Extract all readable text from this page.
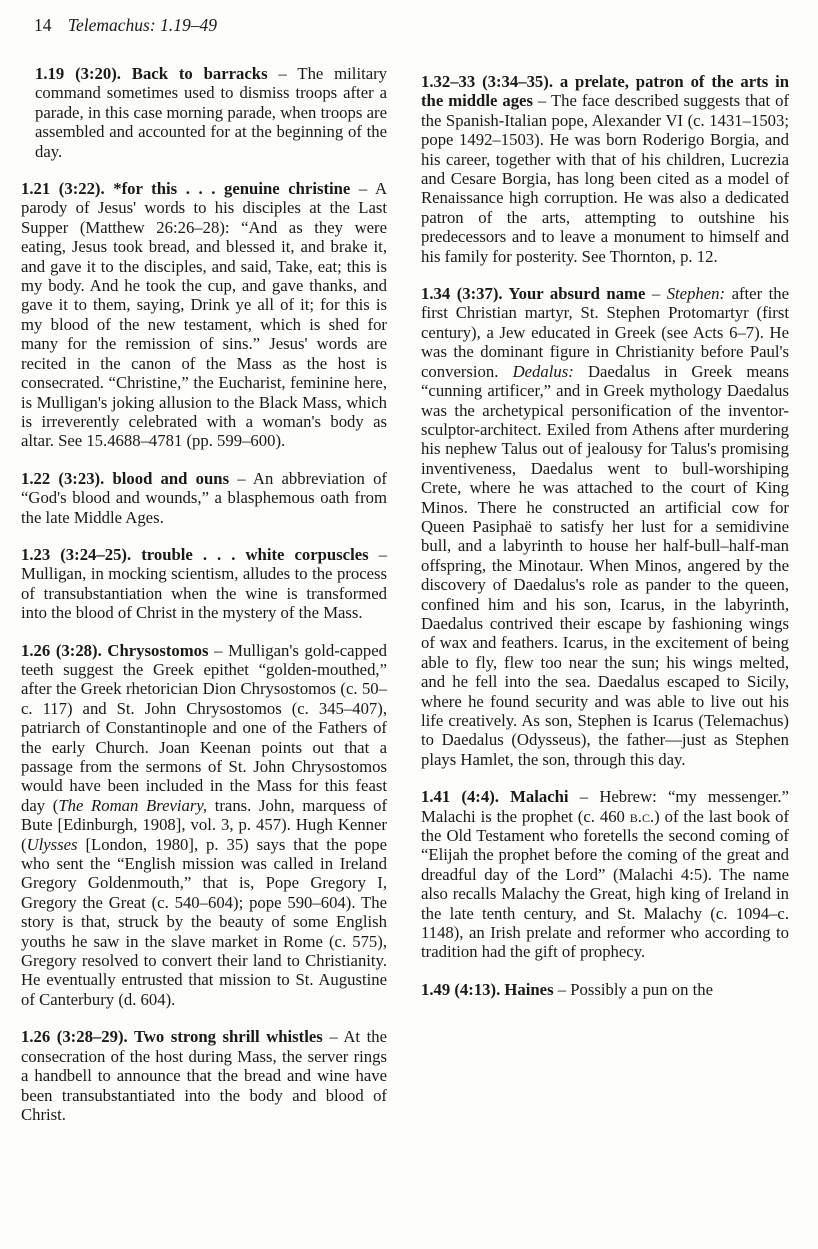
14 Telemachus: 1.19–49

1.19 (3:20). Back to barracks – The military command sometimes used to dismiss troops after a parade, in this case morning parade, when troops are assembled and accounted for at the beginning of the day.

1.21 (3:22). *for this . . . genuine christine – A parody of Jesus' words to his disciples at the Last Supper (Matthew 26:26–28): “And as they were eating, Jesus took bread, and blessed it, and brake it, and gave it to the disciples, and said, Take, eat; this is my body. And he took the cup, and gave thanks, and gave it to them, saying, Drink ye all of it; for this is my blood of the new testament, which is shed for many for the remission of sins.” Jesus' words are recited in the canon of the Mass as the host is consecrated. “Christine,” the Eucharist, feminine here, is Mulligan's joking allusion to the Black Mass, which is irreverently celebrated with a woman's body as altar. See 15.4688–4781 (pp. 599–600).

1.22 (3:23). blood and ouns – An abbreviation of “God's blood and wounds,” a blasphemous oath from the late Middle Ages.

1.23 (3:24–25). trouble . . . white corpuscles – Mulligan, in mocking scientism, alludes to the process of transubstantiation when the wine is transformed into the blood of Christ in the mystery of the Mass.

1.26 (3:28). Chrysostomos – Mulligan's gold-capped teeth suggest the Greek epithet “golden-mouthed,” after the Greek rhetorician Dion Chrysostomos (c. 50–c. 117) and St. John Chrysostomos (c. 345–407), patriarch of Constantinople and one of the Fathers of the early Church. Joan Keenan points out that a passage from the sermons of St. John Chrysostomos would have been included in the Mass for this feast day (The Roman Breviary, trans. John, marquess of Bute [Edinburgh, 1908], vol. 3, p. 457). Hugh Kenner (Ulysses [London, 1980], p. 35) says that the pope who sent the “English mission was called in Ireland Gregory Goldenmouth,” that is, Pope Gregory I, Gregory the Great (c. 540–604); pope 590–604). The story is that, struck by the beauty of some English youths he saw in the slave market in Rome (c. 575), Gregory resolved to convert their land to Christianity. He eventually entrusted that mission to St. Augustine of Canterbury (d. 604).

1.26 (3:28–29). Two strong shrill whistles – At the consecration of the host during Mass, the server rings a handbell to announce that the bread and wine have been transubstantiated into the body and blood of Christ.

1.32–33 (3:34–35). a prelate, patron of the arts in the middle ages – The face described suggests that of the Spanish-Italian pope, Alexander VI (c. 1431–1503; pope 1492–1503). He was born Roderigo Borgia, and his career, together with that of his children, Lucrezia and Cesare Borgia, has long been cited as a model of Renaissance high corruption. He was also a dedicated patron of the arts, attempting to outshine his predecessors and to leave a monument to himself and his family for posterity. See Thornton, p. 12.

1.34 (3:37). Your absurd name – Stephen: after the first Christian martyr, St. Stephen Protomartyr (first century), a Jew educated in Greek (see Acts 6–7). He was the dominant figure in Christianity before Paul's conversion. Dedalus: Daedalus in Greek means “cunning artificer,” and in Greek mythology Daedalus was the archetypical personification of the inventor-sculptor-architect. Exiled from Athens after murdering his nephew Talus out of jealousy for Talus's promising inventiveness, Daedalus went to bull-worshiping Crete, where he was attached to the court of King Minos. There he constructed an artificial cow for Queen Pasiphaë to satisfy her lust for a semidivine bull, and a labyrinth to house her half-bull–half-man offspring, the Minotaur. When Minos, angered by the discovery of Daedalus's role as pander to the queen, confined him and his son, Icarus, in the labyrinth, Daedalus contrived their escape by fashioning wings of wax and feathers. Icarus, in the excitement of being able to fly, flew too near the sun; his wings melted, and he fell into the sea. Daedalus escaped to Sicily, where he found security and was able to live out his life creatively. As son, Stephen is Icarus (Telemachus) to Daedalus (Odysseus), the father—just as Stephen plays Hamlet, the son, through this day.

1.41 (4:4). Malachi – Hebrew: “my messenger.” Malachi is the prophet (c. 460 b.c.) of the last book of the Old Testament who foretells the second coming of “Elijah the prophet before the coming of the great and dreadful day of the Lord” (Malachi 4:5). The name also recalls Malachy the Great, high king of Ireland in the late tenth century, and St. Malachy (c. 1094–c. 1148), an Irish prelate and reformer who according to tradition had the gift of prophecy.

1.49 (4:13). Haines – Possibly a pun on the
